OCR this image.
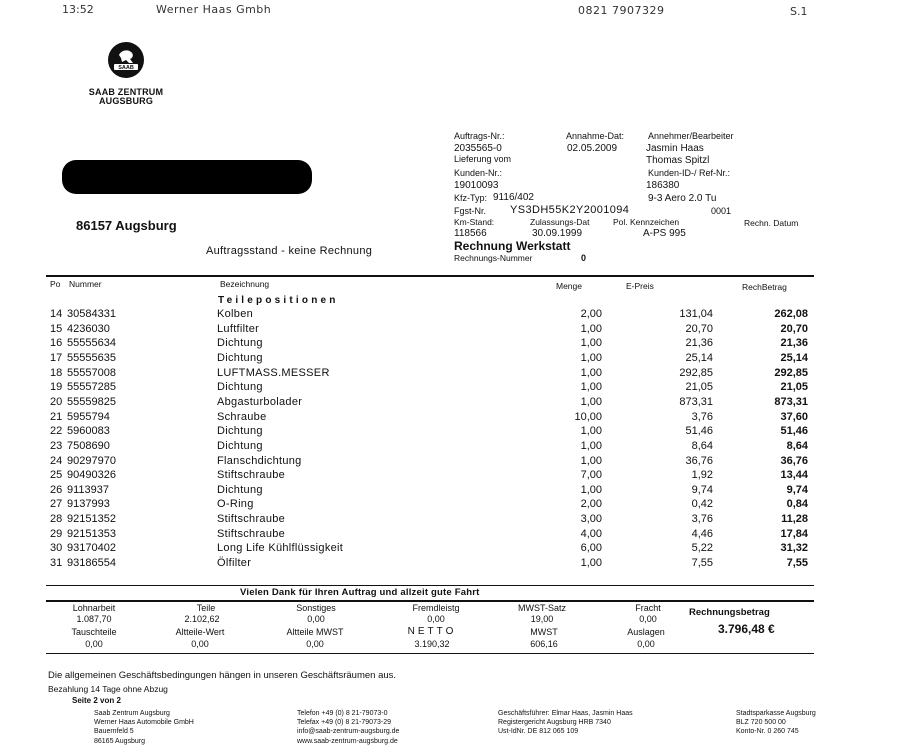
13:52	Werner Haas Gmbh	0821 7907329	S.1
SAAB
SAAB ZENTRUM
AUGSBURG
86157 Augsburg
Auftragsstand - keine Rechnung
Auftrags-Nr.:	Annahme-Dat:	Annehmer/Bearbeiter
2035565-0	02.05.2009	Jasmin Haas
Lieferung vom	Thomas Spitzl
Kunden-Nr.:	Kunden-ID-/ Ref-Nr.:
19010093	186380
Kfz-Typ: 9116/402	9-3 Aero 2.0 Tu
Fgst-Nr. YS3DH55K2Y2001094	0001
Km-Stand:	Zulassungs-Dat	Pol. Kennzeichen	Rechn. Datum
118566	30.09.1999	A-PS 995
Rechnung Werkstatt
Rechnungs-Nummer	0
Po Nummer	Bezeichnung	Menge	E-Preis	RechBetrag
Teilepositionen
14 30584331	Kolben	2,00	131,04	262,08
15 4236030	Luftfilter	1,00	20,70	20,70
16 55555634	Dichtung	1,00	21,36	21,36
17 55555635	Dichtung	1,00	25,14	25,14
18 55557008	LUFTMASS.MESSER	1,00	292,85	292,85
19 55557285	Dichtung	1,00	21,05	21,05
20 55559825	Abgasturbolader	1,00	873,31	873,31
21 5955794	Schraube	10,00	3,76	37,60
22 5960083	Dichtung	1,00	51,46	51,46
23 7508690	Dichtung	1,00	8,64	8,64
24 90297970	Flanschdichtung	1,00	36,76	36,76
25 90490326	Stiftschraube	7,00	1,92	13,44
26 9113937	Dichtung	1,00	9,74	9,74
27 9137993	O-Ring	2,00	0,42	0,84
28 92151352	Stiftschraube	3,00	3,76	11,28
29 92151353	Stiftschraube	4,00	4,46	17,84
30 93170402	Long Life Kühlflüssigkeit	6,00	5,22	31,32
31 93186554	Ölfilter	1,00	7,55	7,55
Vielen Dank für Ihren Auftrag und allzeit gute Fahrt
Lohnarbeit	Teile	Sonstiges	Fremdleistg	MWST-Satz	Fracht	Rechnungsbetrag
1.087,70	2.102,62	0,00	0,00	19,00	0,00
Tauschteile	Altteile-Wert	Altteile MWST	NETTO	MWST	Auslagen	3.796,48 €
0,00	0,00	0,00	3.190,32	606,16	0,00
Die allgemeinen Geschäftsbedingungen hängen in unseren Geschäftsräumen aus.
Bezahlung 14 Tage ohne Abzug
Seite 2 von 2
Saab Zentrum Augsburg
Werner Haas Automobile GmbH
Bauernfeld 5
86165 Augsburg
Telefon +49 (0) 8 21-79073-0
Telefax +49 (0) 8 21-79073-29
info@saab-zentrum-augsburg.de
www.saab-zentrum-augsburg.de
Geschäftsführer: Elmar Haas, Jasmin Haas
Registergericht Augsburg HRB 7340
Ust-IdNr. DE 812 065 109
Stadtsparkasse Augsburg
BLZ 720 500 00
Konto-Nr. 0 260 745
